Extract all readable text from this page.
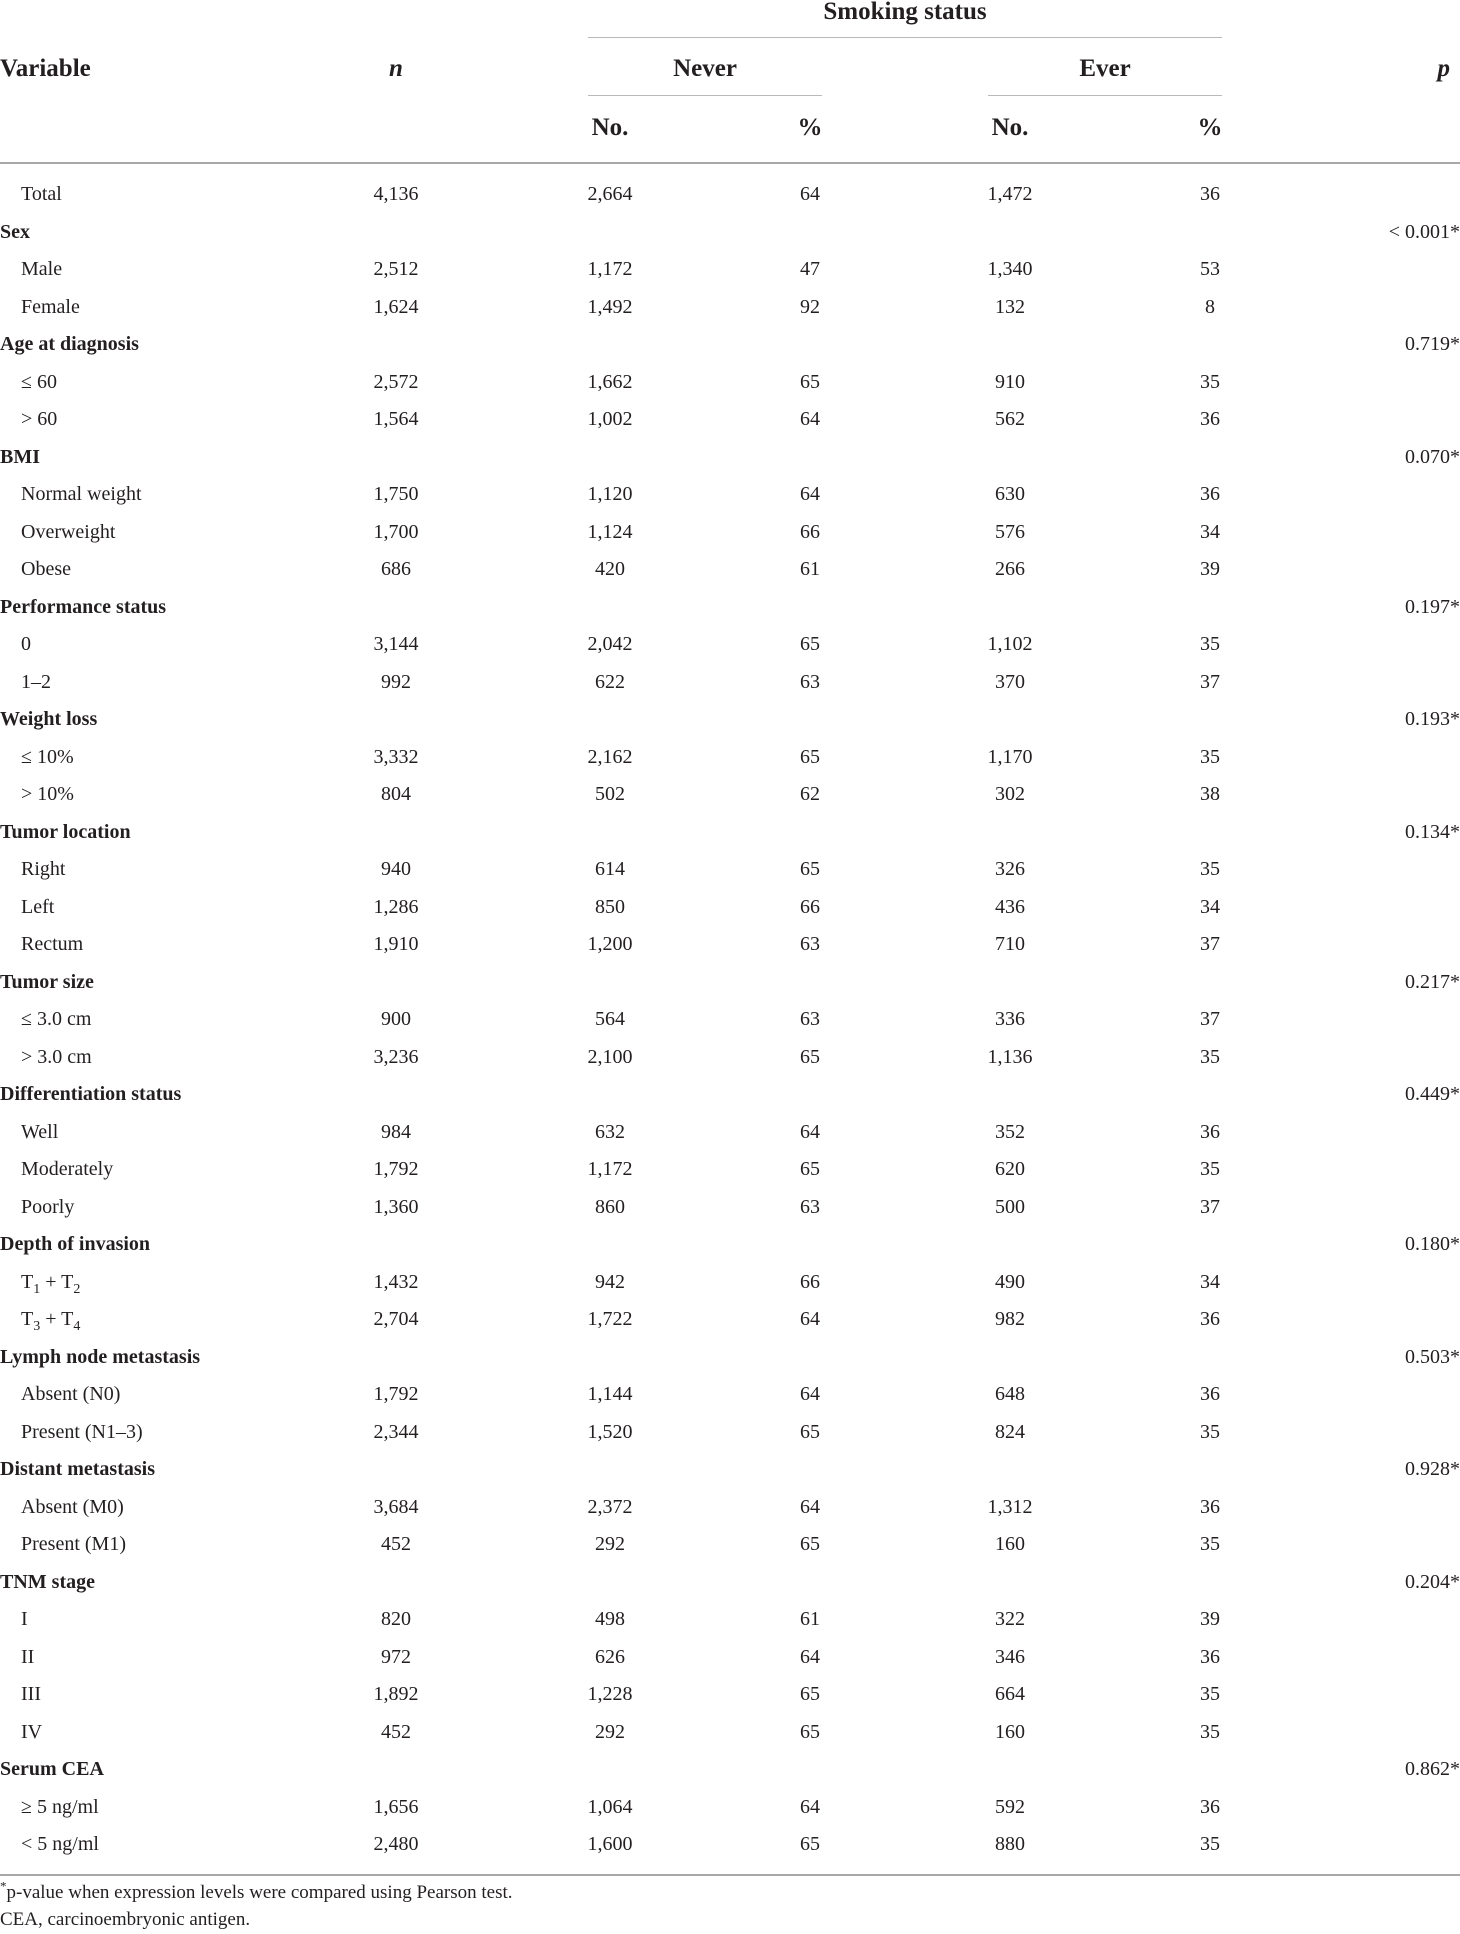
Smoking status
Variable	n	Never	Ever	p
No.	%	No.	%
Total	4,136	2,664	64	1,472	36
Sex	< 0.001*
Male	2,512	1,172	47	1,340	53
Female	1,624	1,492	92	132	8
Age at diagnosis	0.719*
≤ 60	2,572	1,662	65	910	35
> 60	1,564	1,002	64	562	36
BMI	0.070*
Normal weight	1,750	1,120	64	630	36
Overweight	1,700	1,124	66	576	34
Obese	686	420	61	266	39
Performance status	0.197*
0	3,144	2,042	65	1,102	35
1–2	992	622	63	370	37
Weight loss	0.193*
≤ 10%	3,332	2,162	65	1,170	35
> 10%	804	502	62	302	38
Tumor location	0.134*
Right	940	614	65	326	35
Left	1,286	850	66	436	34
Rectum	1,910	1,200	63	710	37
Tumor size	0.217*
≤ 3.0 cm	900	564	63	336	37
> 3.0 cm	3,236	2,100	65	1,136	35
Differentiation status	0.449*
Well	984	632	64	352	36
Moderately	1,792	1,172	65	620	35
Poorly	1,360	860	63	500	37
Depth of invasion	0.180*
$T_1 + T_2$	1,432	942	66	490	34
$T_3 + T_4$	2,704	1,722	64	982	36
Lymph node metastasis	0.503*
Absent (N0)	1,792	1,144	64	648	36
Present (N1–3)	2,344	1,520	65	824	35
Distant metastasis	0.928*
Absent (M0)	3,684	2,372	64	1,312	36
Present (M1)	452	292	65	160	35
TNM stage	0.204*
I	820	498	61	322	39
II	972	626	64	346	36
III	1,892	1,228	65	664	35
IV	452	292	65	160	35
Serum CEA	0.862*
≥ 5 ng/ml	1,656	1,064	64	592	36
< 5 ng/ml	2,480	1,600	65	880	35
*p-value when expression levels were compared using Pearson test.
CEA, carcinoembryonic antigen.
